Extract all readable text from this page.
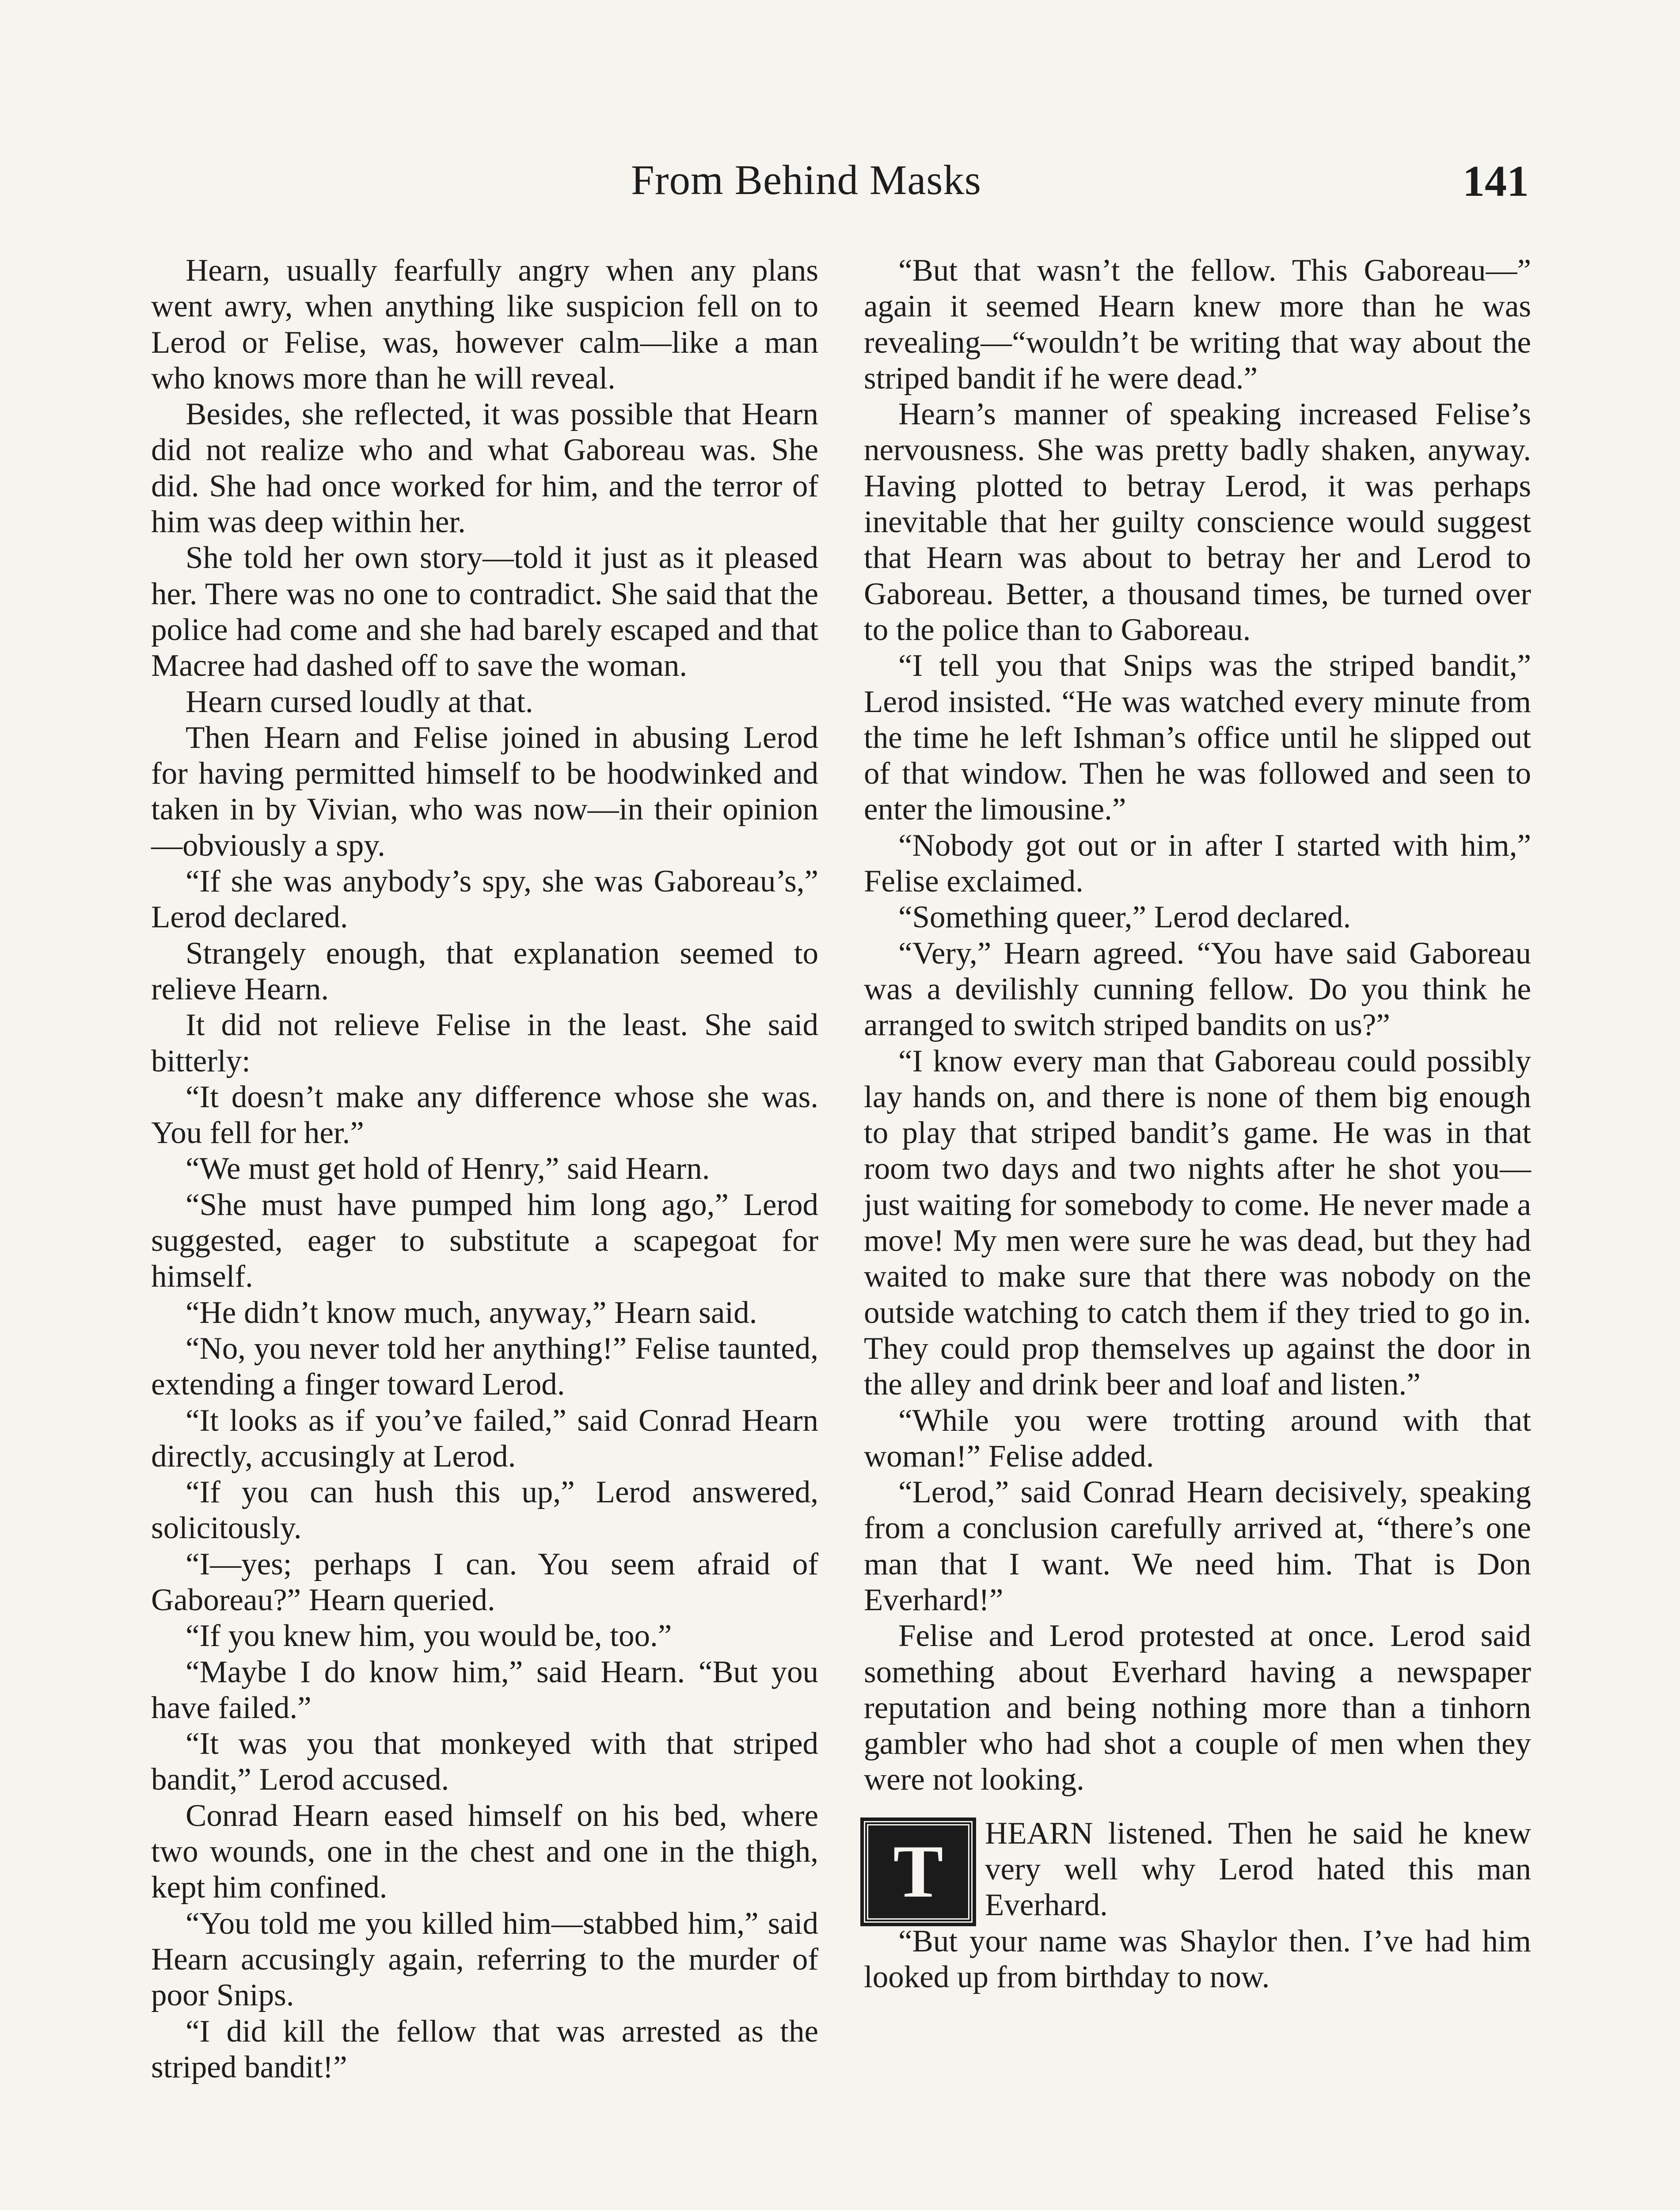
From Behind Masks	141

Hearn, usually fearfully angry when any plans went awry, when anything like suspicion fell on to Lerod or Felise, was, however calm—like a man who knows more than he will reveal.

Besides, she reflected, it was possible that Hearn did not realize who and what Gaboreau was. She did. She had once worked for him, and the terror of him was deep within her.

She told her own story—told it just as it pleased her. There was no one to contradict. She said that the police had come and she had barely escaped and that Macree had dashed off to save the woman.

Hearn cursed loudly at that.

Then Hearn and Felise joined in abusing Lerod for having permitted himself to be hoodwinked and taken in by Vivian, who was now—in their opinion—obviously a spy.

“If she was anybody’s spy, she was Gaboreau’s,” Lerod declared.

Strangely enough, that explanation seemed to relieve Hearn.

It did not relieve Felise in the least. She said bitterly:

“It doesn’t make any difference whose she was. You fell for her.”

“We must get hold of Henry,” said Hearn.

“She must have pumped him long ago,” Lerod suggested, eager to substitute a scapegoat for himself.

“He didn’t know much, anyway,” Hearn said.

“No, you never told her anything!” Felise taunted, extending a finger toward Lerod.

“It looks as if you’ve failed,” said Conrad Hearn directly, accusingly at Lerod.

“If you can hush this up,” Lerod answered, solicitously.

“I—yes; perhaps I can. You seem afraid of Gaboreau?” Hearn queried.

“If you knew him, you would be, too.”

“Maybe I do know him,” said Hearn. “But you have failed.”

“It was you that monkeyed with that striped bandit,” Lerod accused.

Conrad Hearn eased himself on his bed, where two wounds, one in the chest and one in the thigh, kept him confined.

“You told me you killed him—stabbed him,” said Hearn accusingly again, referring to the murder of poor Snips.

“I did kill the fellow that was arrested as the striped bandit!”

“But that wasn’t the fellow. This Gaboreau—” again it seemed Hearn knew more than he was revealing—“wouldn’t be writing that way about the striped bandit if he were dead.”

Hearn’s manner of speaking increased Felise’s nervousness. She was pretty badly shaken, anyway. Having plotted to betray Lerod, it was perhaps inevitable that her guilty conscience would suggest that Hearn was about to betray her and Lerod to Gaboreau. Better, a thousand times, be turned over to the police than to Gaboreau.

“I tell you that Snips was the striped bandit,” Lerod insisted. “He was watched every minute from the time he left Ishman’s office until he slipped out of that window. Then he was followed and seen to enter the limousine.”

“Nobody got out or in after I started with him,” Felise exclaimed.

“Something queer,” Lerod declared.

“Very,” Hearn agreed. “You have said Gaboreau was a devilishly cunning fellow. Do you think he arranged to switch striped bandits on us?”

“I know every man that Gaboreau could possibly lay hands on, and there is none of them big enough to play that striped bandit’s game. He was in that room two days and two nights after he shot you—just waiting for somebody to come. He never made a move! My men were sure he was dead, but they had waited to make sure that there was nobody on the outside watching to catch them if they tried to go in. They could prop themselves up against the door in the alley and drink beer and loaf and listen.”

“While you were trotting around with that woman!” Felise added.

“Lerod,” said Conrad Hearn decisively, speaking from a conclusion carefully arrived at, “there’s one man that I want. We need him. That is Don Everhard!”

Felise and Lerod protested at once. Lerod said something about Everhard having a newspaper reputation and being nothing more than a tinhorn gambler who had shot a couple of men when they were not looking.

T	HEARN listened. Then he said he knew very well why Lerod hated this man Everhard.

“But your name was Shaylor then. I’ve had him looked up from birthday to now.
